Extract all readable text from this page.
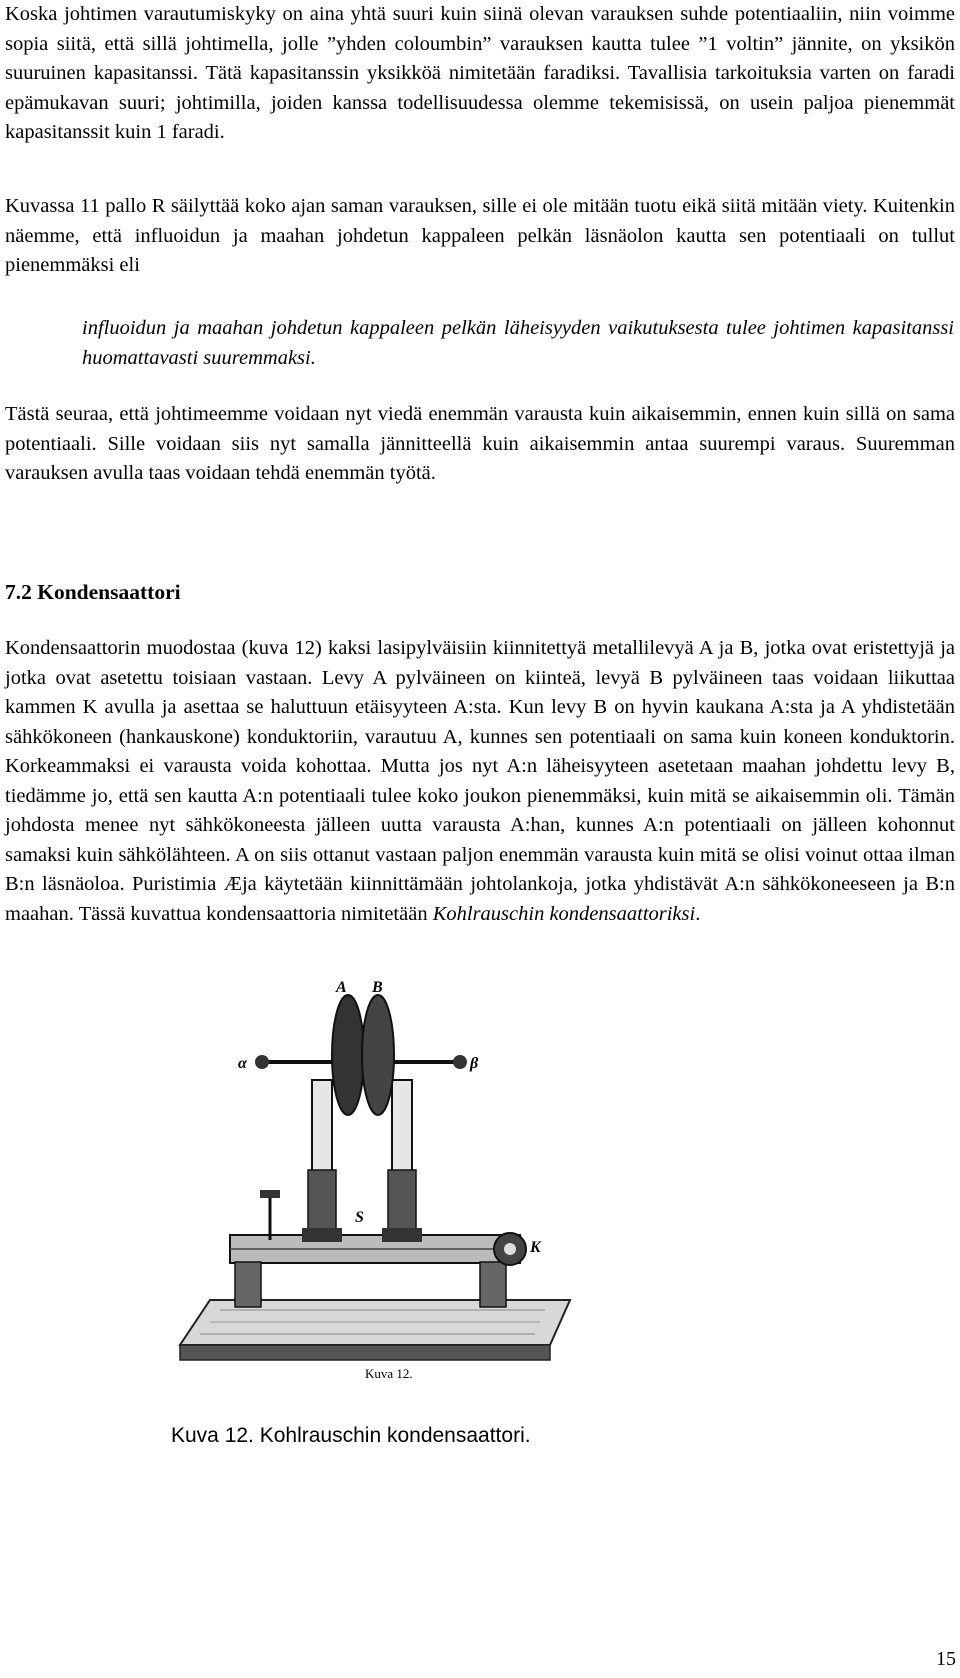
Koska johtimen varautumiskyky on aina yhtä suuri kuin siinä olevan varauksen suhde potentiaaliin, niin voimme sopia siitä, että sillä johtimella, jolle ”yhden coloumbin” varauksen kautta tulee ”1 voltin” jännite, on yksikön suuruinen kapasitanssi. Tätä kapasitanssin yksikköä nimitetään faradiksi. Tavallisia tarkoituksia varten on faradi epämukavan suuri; johtimilla, joiden kanssa todellisuudessa olemme tekemisissä, on usein paljoa pienemmät kapasitanssit kuin 1 faradi.

Kuvassa 11 pallo R säilyttää koko ajan saman varauksen, sille ei ole mitään tuotu eikä siitä mitään viety. Kuitenkin näemme, että influoidun ja maahan johdetun kappaleen pelkän läsnäolon kautta sen potentiaali on tullut pienemmäksi eli

influoidun ja maahan johdetun kappaleen pelkän läheisyyden vaikutuksesta tulee johtimen kapasitanssi huomattavasti suuremmaksi.

Tästä seuraa, että johtimeemme voidaan nyt viedä enemmän varausta kuin aikaisemmin, ennen kuin sillä on sama potentiaali. Sille voidaan siis nyt samalla jännitteellä kuin aikaisemmin antaa suurempi varaus. Suuremman varauksen avulla taas voidaan tehdä enemmän työtä.

7.2 Kondensaattori

Kondensaattorin muodostaa (kuva 12) kaksi lasipylväisiin kiinnitettyä metallilevyä A ja B, jotka ovat eristettyjä ja jotka ovat asetettu toisiaan vastaan. Levy A pylväineen on kiinteä, levyä B pylväineen taas voidaan liikuttaa kammen K avulla ja asettaa se haluttuun etäisyyteen A:sta. Kun levy B on hyvin kaukana A:sta ja A yhdistetään sähkökoneen (hankauskone) konduktoriin, varautuu A, kunnes sen potentiaali on sama kuin koneen konduktorin. Korkeammaksi ei varausta voida kohottaa. Mutta jos nyt A:n läheisyyteen asetetaan maahan johdettu levy B, tiedämme jo, että sen kautta A:n potentiaali tulee koko joukon pienemmäksi, kuin mitä se aikaisemmin oli. Tämän johdosta menee nyt sähkökoneesta jälleen uutta varausta A:han, kunnes A:n potentiaali on jälleen kohonnut samaksi kuin sähkölähteen. A on siis ottanut vastaan paljon enemmän varausta kuin mitä se olisi voinut ottaa ilman B:n läsnäoloa. Puristimia Æja käytetään kiinnittämään johtolankoja, jotka yhdistävät A:n sähkökoneeseen ja B:n maahan. Tässä kuvattua kondensaattoria nimitetään Kohlrauschin kondensaattoriksi.

A B
α	β
S
K
Kuva 12.

Kuva 12. Kohlrauschin kondensaattori.

15
